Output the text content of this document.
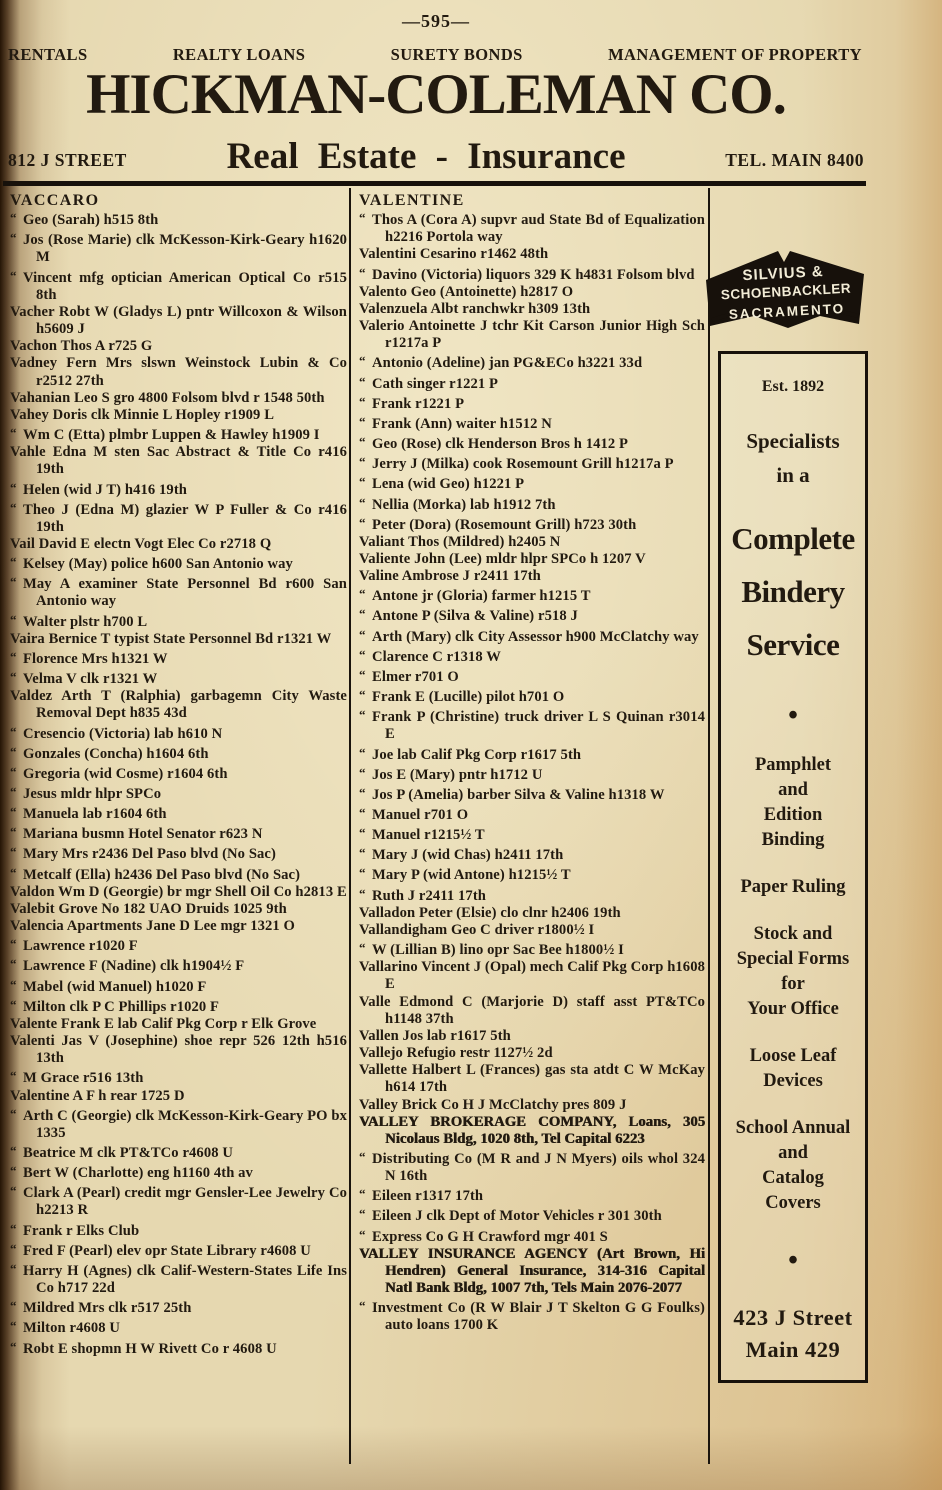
—595—
RENTALS	REALTY LOANS	SURETY BONDS	MANAGEMENT OF PROPERTY
HICKMAN-COLEMAN CO.
812 J STREET	Real Estate - Insurance	TEL. MAIN 8400
VACCARO
“ Geo (Sarah) h515 8th
“ Jos (Rose Marie) clk McKesson-Kirk-Geary h1620 M
“ Vincent mfg optician American Optical Co r515 8th
Vacher Robt W (Gladys L) pntr Willcoxon & Wilson h5609 J
Vachon Thos A r725 G
Vadney Fern Mrs slswn Weinstock Lubin & Co r2512 27th
Vahanian Leo S gro 4800 Folsom blvd r 1548 50th
Vahey Doris clk Minnie L Hopley r1909 L
“ Wm C (Etta) plmbr Luppen & Hawley h1909 I
Vahle Edna M sten Sac Abstract & Title Co r416 19th
“ Helen (wid J T) h416 19th
“ Theo J (Edna M) glazier W P Fuller & Co r416 19th
Vail David E electn Vogt Elec Co r2718 Q
“ Kelsey (May) police h600 San Antonio way
“ May A examiner State Personnel Bd r600 San Antonio way
“ Walter plstr h700 L
Vaira Bernice T typist State Personnel Bd r1321 W
“ Florence Mrs h1321 W
“ Velma V clk r1321 W
Valdez Arth T (Ralphia) garbagemn City Waste Removal Dept h835 43d
“ Cresencio (Victoria) lab h610 N
“ Gonzales (Concha) h1604 6th
“ Gregoria (wid Cosme) r1604 6th
“ Jesus mldr hlpr SPCo
“ Manuela lab r1604 6th
“ Mariana busmn Hotel Senator r623 N
“ Mary Mrs r2436 Del Paso blvd (No Sac)
“ Metcalf (Ella) h2436 Del Paso blvd (No Sac)
Valdon Wm D (Georgie) br mgr Shell Oil Co h2813 E
Valebit Grove No 182 UAO Druids 1025 9th
Valencia Apartments Jane D Lee mgr 1321 O
“ Lawrence r1020 F
“ Lawrence F (Nadine) clk h1904½ F
“ Mabel (wid Manuel) h1020 F
“ Milton clk P C Phillips r1020 F
Valente Frank E lab Calif Pkg Corp r Elk Grove
Valenti Jas V (Josephine) shoe repr 526 12th h516 13th
“ M Grace r516 13th
Valentine A F h rear 1725 D
“ Arth C (Georgie) clk McKesson-Kirk-Geary PO bx 1335
“ Beatrice M clk PT&TCo r4608 U
“ Bert W (Charlotte) eng h1160 4th av
“ Clark A (Pearl) credit mgr Gensler-Lee Jewelry Co h2213 R
“ Frank r Elks Club
“ Fred F (Pearl) elev opr State Library r4608 U
“ Harry H (Agnes) clk Calif-Western-States Life Ins Co h717 22d
“ Mildred Mrs clk r517 25th
“ Milton r4608 U
“ Robt E shopmn H W Rivett Co r 4608 U
VALENTINE
“ Thos A (Cora A) supvr aud State Bd of Equalization h2216 Portola way
Valentini Cesarino r1462 48th
“ Davino (Victoria) liquors 329 K h4831 Folsom blvd
Valento Geo (Antoinette) h2817 O
Valenzuela Albt ranchwkr h309 13th
Valerio Antoinette J tchr Kit Carson Junior High Sch r1217a P
“ Antonio (Adeline) jan PG&ECo h3221 33d
“ Cath singer r1221 P
“ Frank r1221 P
“ Frank (Ann) waiter h1512 N
“ Geo (Rose) clk Henderson Bros h 1412 P
“ Jerry J (Milka) cook Rosemount Grill h1217a P
“ Lena (wid Geo) h1221 P
“ Nellia (Morka) lab h1912 7th
“ Peter (Dora) (Rosemount Grill) h723 30th
Valiant Thos (Mildred) h2405 N
Valiente John (Lee) mldr hlpr SPCo h 1207 V
Valine Ambrose J r2411 17th
“ Antone jr (Gloria) farmer h1215 T
“ Antone P (Silva & Valine) r518 J
“ Arth (Mary) clk City Assessor h900 McClatchy way
“ Clarence C r1318 W
“ Elmer r701 O
“ Frank E (Lucille) pilot h701 O
“ Frank P (Christine) truck driver L S Quinan r3014 E
“ Joe lab Calif Pkg Corp r1617 5th
“ Jos E (Mary) pntr h1712 U
“ Jos P (Amelia) barber Silva & Valine h1318 W
“ Manuel r701 O
“ Manuel r1215½ T
“ Mary J (wid Chas) h2411 17th
“ Mary P (wid Antone) h1215½ T
“ Ruth J r2411 17th
Valladon Peter (Elsie) clo clnr h2406 19th
Vallandigham Geo C driver r1800½ I
“ W (Lillian B) lino opr Sac Bee h1800½ I
Vallarino Vincent J (Opal) mech Calif Pkg Corp h1608 E
Valle Edmond C (Marjorie D) staff asst PT&TCo h1148 37th
Vallen Jos lab r1617 5th
Vallejo Refugio restr 1127½ 2d
Vallette Halbert L (Frances) gas sta atdt C W McKay h614 17th
Valley Brick Co H J McClatchy pres 809 J
VALLEY BROKERAGE COMPANY, Loans, 305 Nicolaus Bldg, 1020 8th, Tel Capital 6223
“ Distributing Co (M R and J N Myers) oils whol 324 N 16th
“ Eileen r1317 17th
“ Eileen J clk Dept of Motor Vehicles r 301 30th
“ Express Co G H Crawford mgr 401 S
VALLEY INSURANCE AGENCY (Art Brown, Hi Hendren) General Insurance, 314-316 Capital Natl Bank Bldg, 1007 7th, Tels Main 2076-2077
“ Investment Co (R W Blair J T Skelton G G Foulks) auto loans 1700 K
SILVIUS &
SCHOENBACKLER
SACRAMENTO
Est. 1892
Specialists
in a
Complete
Bindery
Service
•
Pamphlet
and
Edition
Binding
Paper Ruling
Stock and
Special Forms
for
Your Office
Loose Leaf
Devices
School Annual
and
Catalog
Covers
•
423 J Street
Main 429
